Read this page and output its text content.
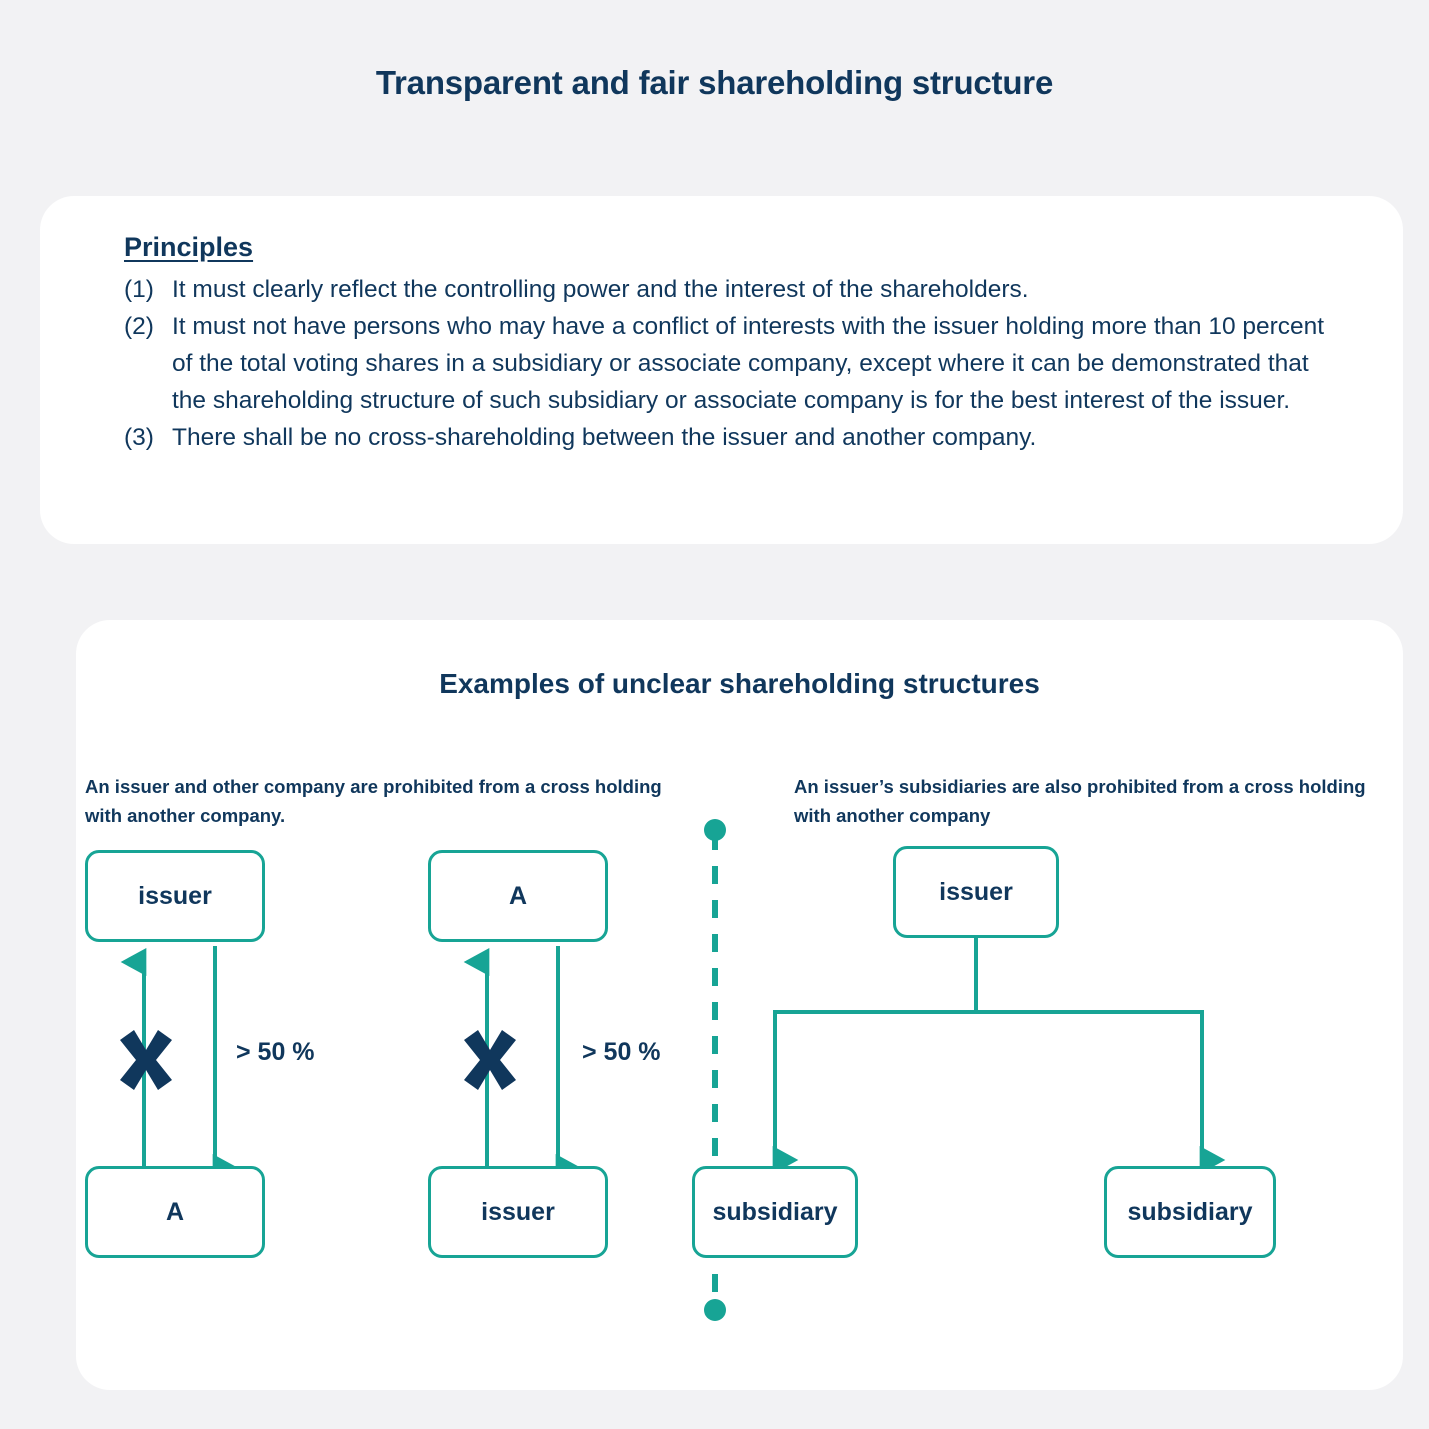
Transparent and fair shareholding structure
Principles
(1) It must clearly reflect the controlling power and the interest of the shareholders.
(2) It must not have persons who may have a conflict of interests with the issuer holding more than 10 percent of the total voting shares in a subsidiary or associate company, except where it can be demonstrated that the shareholding structure of such subsidiary or associate company is for the best interest of the issuer.
(3) There shall be no cross-shareholding between the issuer and another company.
Examples of unclear shareholding structures
An issuer and other company are prohibited from a cross holding with another company.
An issuer’s subsidiaries are also prohibited from a cross holding with another company
issuer
A
> 50 %
A
issuer
> 50 %
issuer
subsidiary	subsidiary
